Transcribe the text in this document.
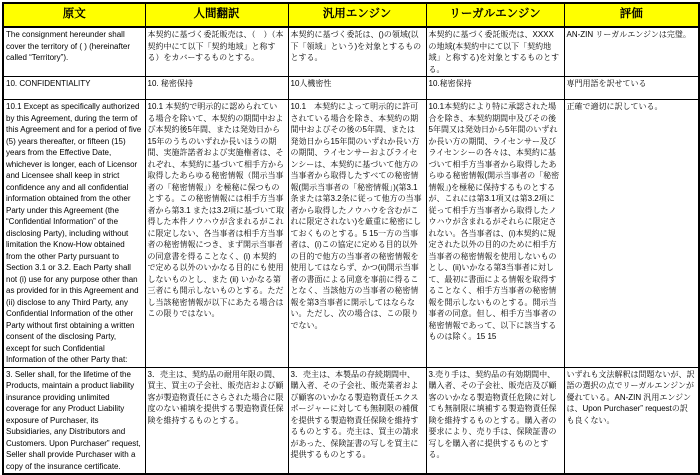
原文	人間翻訳	汎用エンジン	リーガルエンジン	評価
The consignment hereunder shall cover the territory of ( ) (hereinafter called “Territory”).	本契約に基づく委託販売は、（　）（本契約中にて以下「契約地域」と称する）をカバーするものとする。	本契約に基づく委託は、()の領域(以下「領域」という)を対象とするものとする。	本契約に基づく委託販売は、XXXXの地域(本契約中にて以下「契約地域」と称する)を対象とするものとする。	AN-ZIN リーガルエンジンは完璧。
10. CONFIDENTIALITY	10. 秘密保持	10人機密性	10.秘密保持	専門用語を訳せている
10.1 Except as specifically authorized by this Agreement, during the term of this Agreement and for a period of five (5) years thereafter, or fifteen (15) years from the Effective Date, whichever is longer, each of Licensor and Licensee shall keep in strict confidence any and all confidential information obtained from the other Party under this Agreement (the “Confidential Information” of the disclosing Party), including without limitation the Know-How obtained from the other Party pursuant to Section 3.1 or 3.2. Each Party shall not (i) use for any purpose other than as provided for in this Agreement and (ii) disclose to any Third Party, any Confidential Information of the other Party without first obtaining a written consent of the disclosing Party, except for such Confidential Information of the other Party that:	10.1 本契約で明示的に認められている場合を除いて、本契約の期間中および本契約後5年間、または発効日から15年のうちのいずれか長いほうの期間、実施許諾者および実施権者は、それぞれ、本契約に基づいて相手方から取得したあらゆる秘密情報（開示当事者の「秘密情報」）を極秘に保つものとする。この秘密情報には相手方当事者から第3.1 または3.2項に基づいて取得した本件ノウハウが含まれるがこれに限定しない、各当事者は相手方当事者の秘密情報につき、まず開示当事者の同意書を得ることなく、(i) 本契約で定める以外のいかなる目的にも使用しないものとし、また (ii) いかなる第三者にも開示しないものとする。ただし当該秘密情報が以下にあたる場合はこの限りではない。	10.1　本契約によって明示的に許可されている場合を除き、本契約の期間中およびその後の5年間、または発効日から15年間のいずれか長い方の期間、ライセンサーおよびライセンシーは、本契約に基づいて他方の当事者から取得したすべての秘密情報(開示当事者の「秘密情報」)(第3.1条または第3.2条に従って他方の当事者から取得したノウハウを含むがこれに限定されない)を厳重に秘密にしておくものとする。5 15一方の当事者は、(i)この協定に定める目的以外の目的で他方の当事者の秘密情報を使用してはならず、かつ(ii)開示当事者の書面による同意を事前に得ることなく、当該他方の当事者の秘密情報を第3当事者に開示してはならない。ただし、次の場合は、この限りでない。	10.1本契約により特に承認された場合を除き、本契約期間中及びその後5年間又は発効日から5年間のいずれか長い方の期間、ライセンサー及びライセンシーの各々は、本契約に基づいて相手方当事者から取得したあらゆる秘密情報(開示当事者の「秘密情報」)を極秘に保持するものとするが、これには第3.1項又は第3.2項に従って相手方当事者から取得したノウハウが含まれるがそれらに限定されない。各当事者は、(i)本契約に規定された以外の目的のために相手方当事者の秘密情報を使用しないものとし、(ii)いかなる第3当事者に対して、最初に書面による情報を取得することなく、相手方当事者の秘密情報を開示しないものとする。開示当事者の同意。但し、相手方当事者の秘密情報であって、以下に該当するものは除く。15 15	正確で適切に訳している。
3. Seller shall, for the lifetime of the Products, maintain a product liability insurance providing unlimited coverage for any Product Liability exposure of Purchaser, its Subsidiaries, any Distributors and Customers. Upon Purchaser” request, Seller shall provide Purchaser with a copy of the insurance certificate.	3．売主は、契約品の耐用年限の間、買主、買主の子会社、販売店および顧客が製造物責任にさらされた場合に限度のない補填を提供する製造物責任保険を維持するものとする。	3．売主は、本製品の存続期間中、購入者、その子会社、販売業者および顧客のいかなる製造物責任エクスポージャーに対しても無制限の補償を提供する製造物責任保険を維持するものとする。売主は、買主の請求があった、保険証書の写しを買主に提供するものとする。	3.売り手は、契約品の有効期間中、購入者、その子会社、販売店及び顧客のいかなる製造物責任危険に対しても無制限に填補する製造物責任保険を維持するものとする。購入者の要求により、売り手は、保険証書の写しを購入者に提供するものとする。	いずれも文法解釈は問題ないが、訳語の選択の点でリーガルエンジンが優れている。AN-ZIN 汎用エンジンは、Upon Purchaser” requestの訳も良くない。
